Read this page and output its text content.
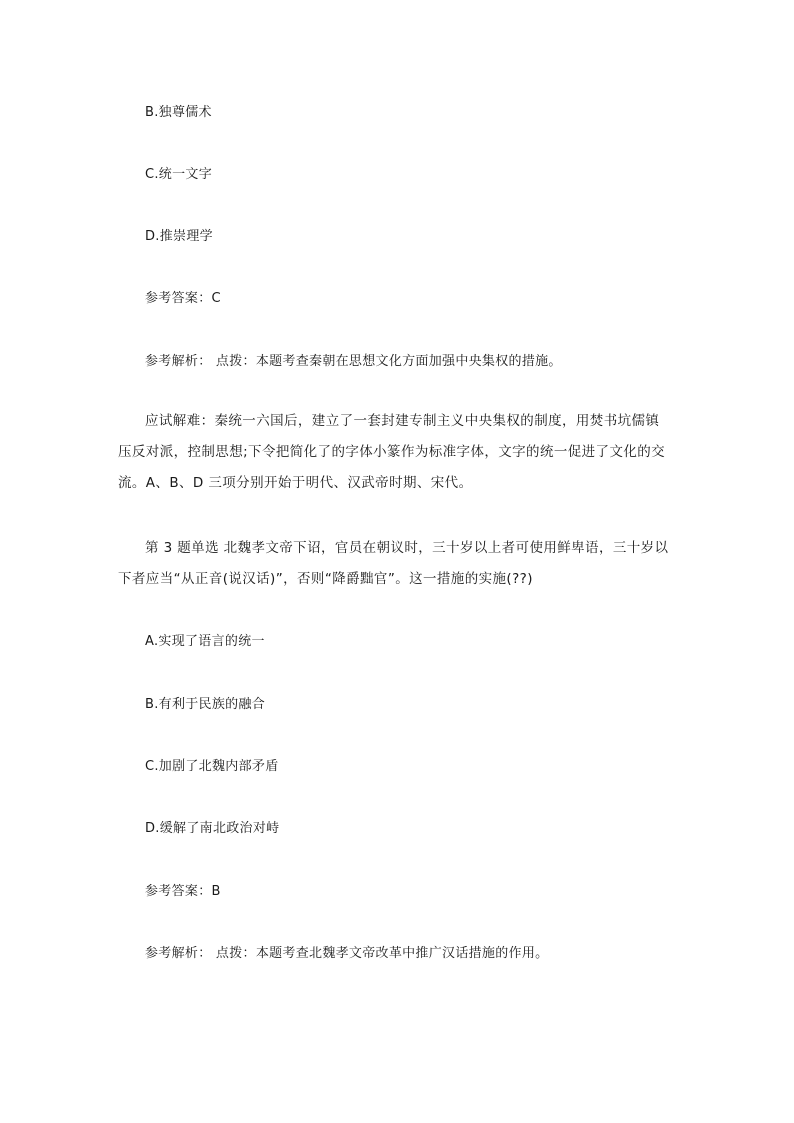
B.独尊儒术
C.统一文字
D.推崇理学
参考答案：C
参考解析： 点拨：本题考查秦朝在思想文化方面加强中央集权的措施。
应试解难：秦统一六国后，建立了一套封建专制主义中央集权的制度，用焚书坑儒镇
压反对派，控制思想;下令把简化了的字体小篆作为标准字体，文字的统一促进了文化的交
流。A、B、D 三项分别开始于明代、汉武帝时期、宋代。
第 3 题单选 北魏孝文帝下诏，官员在朝议时，三十岁以上者可使用鲜卑语，三十岁以
下者应当“从正音(说汉话)”，否则“降爵黜官”。这一措施的实施(??)
A.实现了语言的统一
B.有利于民族的融合
C.加剧了北魏内部矛盾
D.缓解了南北政治对峙
参考答案：B
参考解析： 点拨：本题考查北魏孝文帝改革中推广汉话措施的作用。
